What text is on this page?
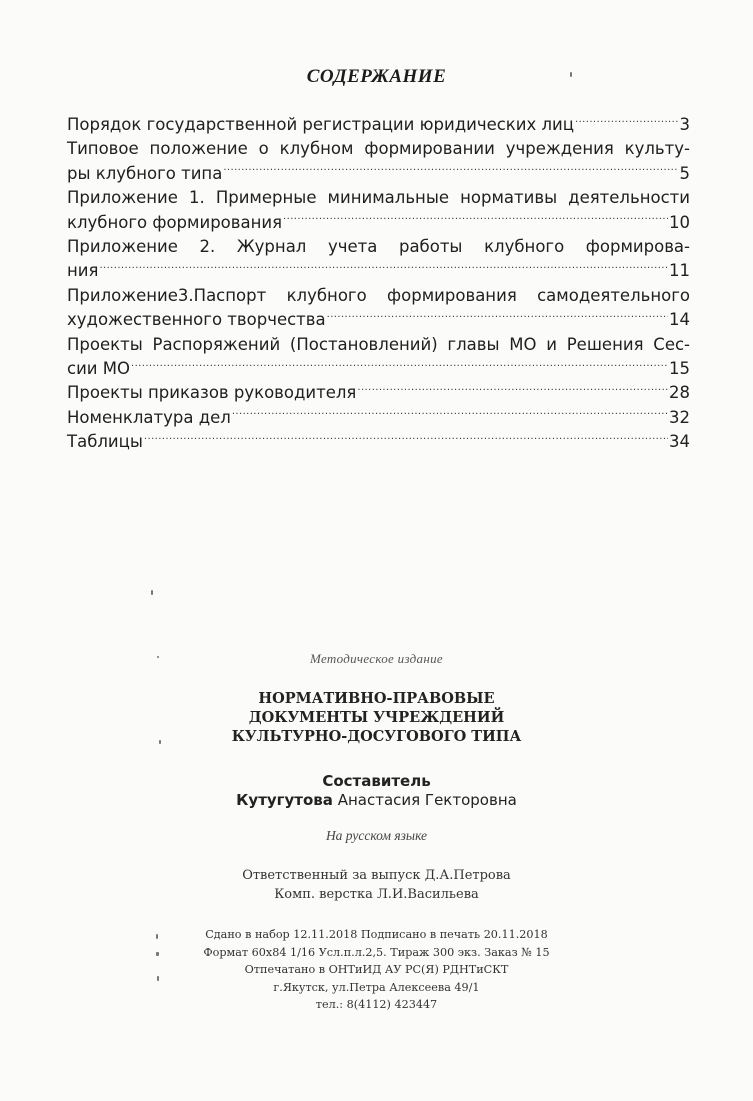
СОДЕРЖАНИЕ
Порядок государственной регистрации юридических лиц .....	3
Типовое положение о клубном формировании учреждения культу-
ры клубного типа .....	5
Приложение 1. Примерные минимальные нормативы деятельности
клубного формирования .....	10
Приложение 2. Журнал учета работы клубного формирова-
ния .....	11
Приложение3.Паспорт клубного формирования самодеятельного
художественного творчества .....	14
Проекты Распоряжений (Постановлений) главы МО и Решения Сес-
сии МО .....	15
Проекты приказов руководителя .....	28
Номенклатура дел .....	32
Таблицы .....	34
Методическое издание
НОРМАТИВНО-ПРАВОВЫЕ
ДОКУМЕНТЫ УЧРЕЖДЕНИЙ
КУЛЬТУРНО-ДОСУГОВОГО ТИПА
Составитель
Кутугутова Анастасия Гекторовна
На русском языке
Ответственный за выпуск Д.А.Петрова
Комп. верстка Л.И.Васильева
Сдано в набор 12.11.2018 Подписано в печать 20.11.2018
Формат 60х84 1/16 Усл.п.л.2,5. Тираж 300 экз. Заказ № 15
Отпечатано в ОНТиИД АУ РС(Я) РДНТиСКТ
г.Якутск, ул.Петра Алексеева 49/1
тел.: 8(4112) 423447
